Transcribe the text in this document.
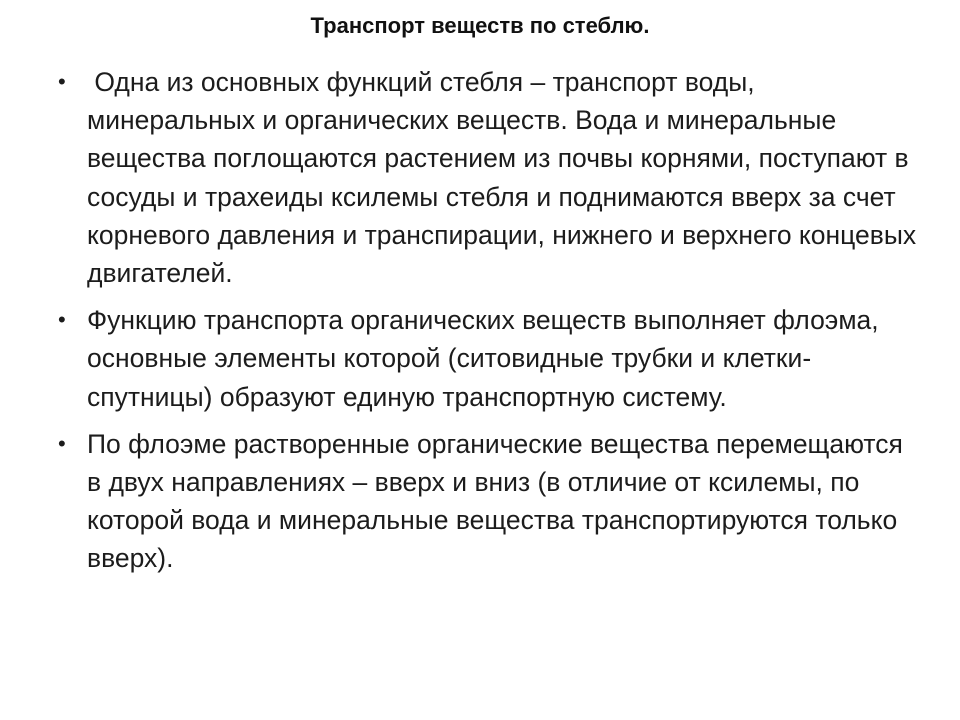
Транспорт веществ по стеблю.
• Одна из основных функций стебля – транспорт воды, минеральных и органических веществ. Вода и минеральные вещества поглощаются растением из почвы корнями, поступают в сосуды и трахеиды ксилемы стебля и поднимаются вверх за счет корневого давления и транспирации, нижнего и верхнего концевых двигателей.
• Функцию транспорта органических веществ выполняет флоэма, основные элементы которой (ситовидные трубки и клетки-спутницы) образуют единую транспортную систему.
• По флоэме растворенные органические вещества перемещаются в двух направлениях – вверх и вниз (в отличие от ксилемы, по которой вода и минеральные вещества транспортируются только вверх).
